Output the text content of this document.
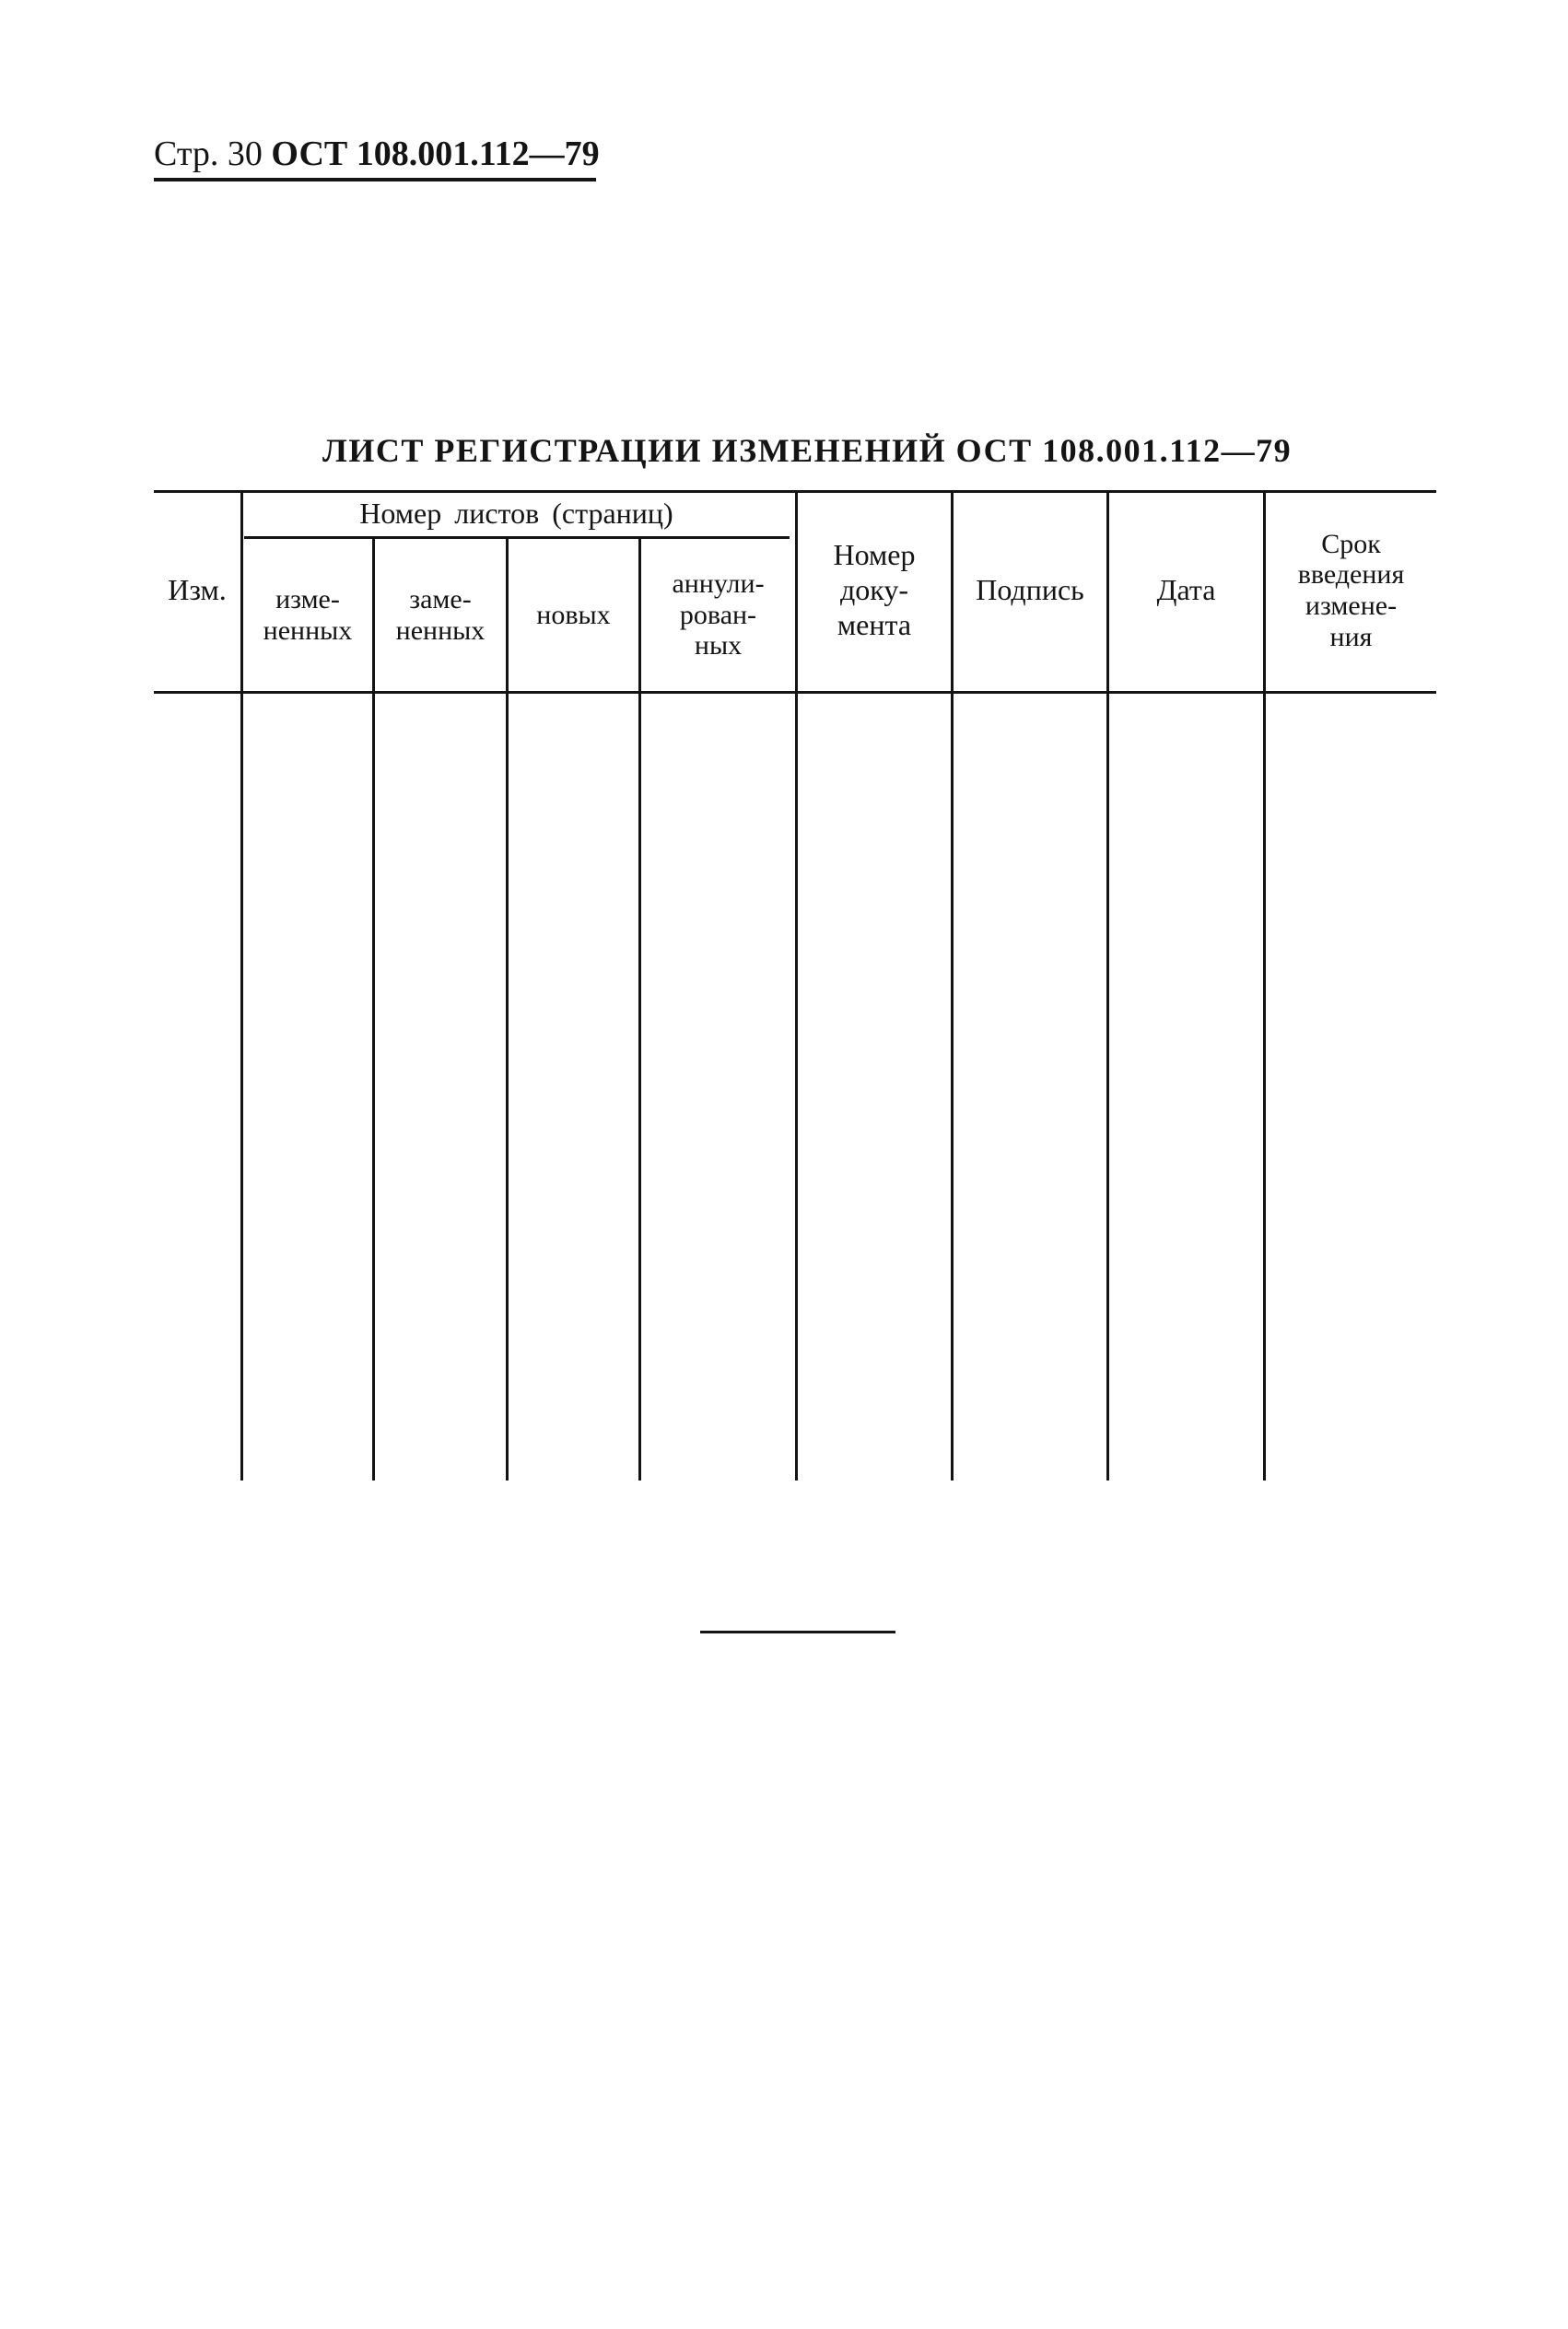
Стр. 30 ОСТ 108.001.112—79
ЛИСТ РЕГИСТРАЦИИ ИЗМЕНЕНИЙ ОСТ 108.001.112—79
Изм.
Номер листов (страниц)
изме-
ненных
заме-
ненных
новых
аннули-
рован-
ных
Номер
доку-
мента
Подпись	Дата
Срок
введения
измене-
ния
